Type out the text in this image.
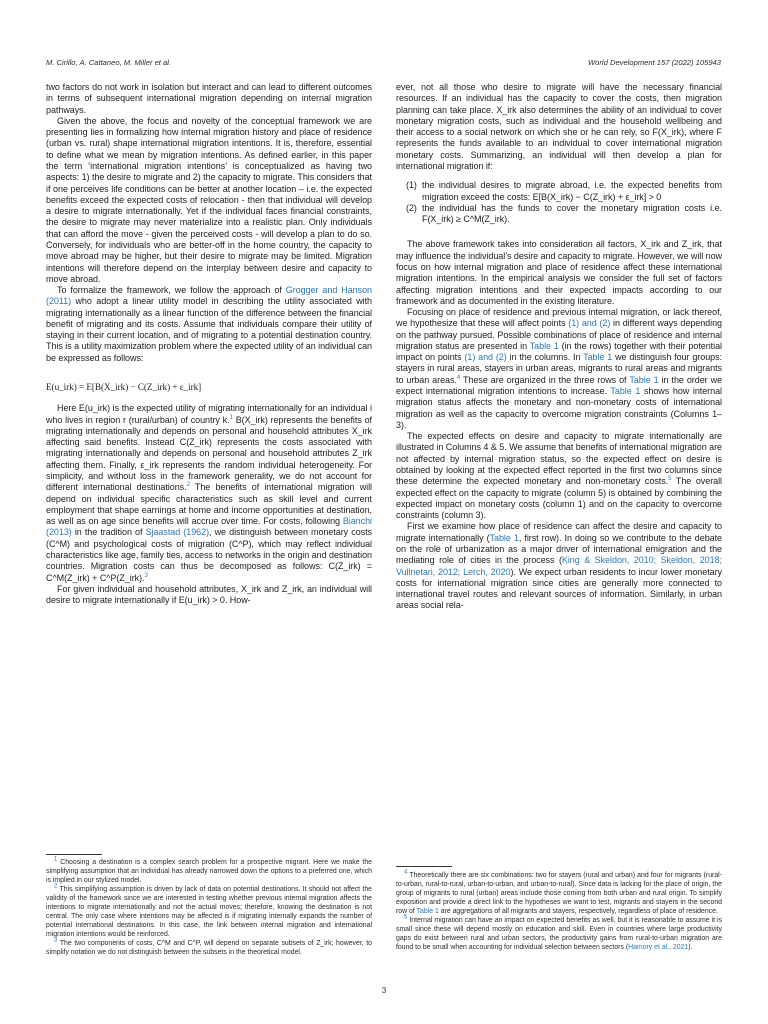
M. Cirillo, A. Cattaneo, M. Miller et al.	World Development 157 (2022) 105943

two factors do not work in isolation but interact and can lead to different outcomes in terms of subsequent international migration depending on internal migration pathways.

Given the above, the focus and novelty of the conceptual framework we are presenting lies in formalizing how internal migration history and place of residence (urban vs. rural) shape international migration intentions. It is, therefore, essential to define what we mean by migration intentions. As defined earlier, in this paper the term ‘international migration intentions’ is conceptualized as having two aspects: 1) the desire to migrate and 2) the capacity to migrate. This considers that if one perceives life conditions can be better at another location – i.e. the expected benefits exceed the expected costs of relocation - then that individual will develop a desire to migrate internationally. Yet if the individual faces financial constraints, the desire to migrate may never materialize into a realistic plan. Only individuals that can afford the move - given the perceived costs - will develop a plan to do so. Conversely, for individuals who are better-off in the home country, the capacity to move abroad may be higher, but their desire to migrate may be limited. Migration intentions will therefore depend on the interplay between desire and capacity to move abroad.

To formalize the framework, we follow the approach of Grogger and Hanson (2011) who adopt a linear utility model in describing the utility associated with migrating internationally as a linear function of the difference between the financial benefit of migrating and its costs. Assume that individuals compare their utility of staying in their current location, and of migrating to a potential destination country. This is a utility maximization problem where the expected utility of an individual can be expressed as follows:

E(u_irk) = E[B(X_irk) − C(Z_irk) + ε_irk]

Here E(u_irk) is the expected utility of migrating internationally for an individual i who lives in region r (rural/urban) of country k.$^1$ B(X_irk) represents the benefits of migrating internationally and depends on personal and household attributes X_irk affecting said benefits. Instead C(Z_irk) represents the costs associated with migrating internationally and depends on personal and household attributes Z_irk affecting them. Finally, ε_irk represents the random individual heterogeneity. For simplicity, and without loss in the framework generality, we do not account for different international destinations.$^2$ The benefits of international migration will depend on individual specific characteristics such as skill level and current employment that shape earnings at home and income opportunities at destination, as well as on age since benefits will accrue over time. For costs, following Bianchi (2013) in the tradition of Sjaastad (1962), we distinguish between monetary costs (C^M) and psychological costs of migration (C^P), which may reflect individual characteristics like age, family ties, access to networks in the origin and destination countries. Migration costs can thus be decomposed as follows: C(Z_irk) = C^M(Z_irk) + C^P(Z_irk).$^3$

For given individual and household attributes, X_irk and Z_irk, an individual will desire to migrate internationally if E(u_irk) > 0. How-

ever, not all those who desire to migrate will have the necessary financial resources. If an individual has the capacity to cover the costs, then migration planning can take place. X_irk also determines the ability of an individual to cover monetary migration costs, such as individual and the household wellbeing and their access to a social network on which she or he can rely, so F(X_irk), where F represents the funds available to an individual to cover international migration monetary costs. Summarizing, an individual will then develop a plan for international migration if:

(1) the individual desires to migrate abroad, i.e. the expected benefits from migration exceed the costs: E[B(X_irk) − C(Z_irk) + ε_irk] > 0
(2) the individual has the funds to cover the monetary migration costs i.e. F(X_irk) ≥ C^M(Z_irk).

The above framework takes into consideration all factors, X_irk and Z_irk, that may influence the individual’s desire and capacity to migrate. However, we will now focus on how internal migration and place of residence affect these international migration intentions. In the empirical analysis we consider the full set of factors affecting migration intentions and their expected impacts according to our framework and as documented in the existing literature.

Focusing on place of residence and previous internal migration, or lack thereof, we hypothesize that these will affect points (1) and (2) in different ways depending on the pathway pursued. Possible combinations of place of residence and internal migration status are presented in Table 1 (in the rows) together with their potential impact on points (1) and (2) in the columns. In Table 1 we distinguish four groups: stayers in rural areas, stayers in urban areas, migrants to rural areas and migrants to urban areas.$^4$ These are organized in the three rows of Table 1 in the order we expect international migration intentions to increase. Table 1 shows how internal migration status affects the monetary and non-monetary costs of international migration as well as the capacity to overcome migration constraints (Columns 1–3).

The expected effects on desire and capacity to migrate internationally are illustrated in Columns 4 & 5. We assume that benefits of international migration are not affected by internal migration status, so the expected effect on desire is obtained by looking at the expected effect reported in the first two columns since these determine the expected monetary and non-monetary costs.$^5$ The overall expected effect on the capacity to migrate (column 5) is obtained by combining the expected impact on monetary costs (column 1) and on the capacity to overcome constraints (column 3).

First we examine how place of residence can affect the desire and capacity to migrate internationally (Table 1, first row). In doing so we contribute to the debate on the role of urbanization as a major driver of international emigration and the mediating role of cities in the process (King & Skeldon, 2010; Skeldon, 2018; Vullnetari, 2012; Lerch, 2020). We expect urban residents to incur lower monetary costs for international migration since cities are generally more connected to international travel routes and relevant sources of information. Similarly, in urban areas social rela-

$^1$ Choosing a destination is a complex search problem for a prospective migrant. Here we make the simplifying assumption that an individual has already narrowed down the options to a preferred one, which is implied in our stylized model.

$^2$ This simplifying assumption is driven by lack of data on potential destinations. It should not affect the validity of the framework since we are interested in testing whether previous internal migration affects the intentions to migrate internationally and not the actual moves; therefore, knowing the destination is not central. The only case where intentions may be affected is if migrating internally expands the number of potential international destinations. In this case, the link between internal migration and international migration intentions would be reinforced.

$^3$ The two components of costs, C^M and C^P, will depend on separate subsets of Z_irk; however, to simplify notation we do not distinguish between the subsets in the theoretical model.

$^4$ Theoretically there are six combinations: two for stayers (rural and urban) and four for migrants (rural-to-urban, rural-to-rural, urban-to-urban, and urban-to-rural). Since data is lacking for the place of origin, the group of migrants to rural (urban) areas include those coming from both urban and rural origin. To simplify exposition and provide a direct link to the hypotheses we want to test, migrants and stayers in the second row of Table 1 are aggregations of all migrants and stayers, respectively, regardless of place of residence.

$^5$ Internal migration can have an impact on expected benefits as well, but it is reasonable to assume it is small since these will depend mostly on education and skill. Even in countries where large productivity gaps do exist between rural and urban sectors, the productivity gains from rural-to-urban migration are found to be small when accounting for individual selection between sectors (Hamory et al., 2021).

3
